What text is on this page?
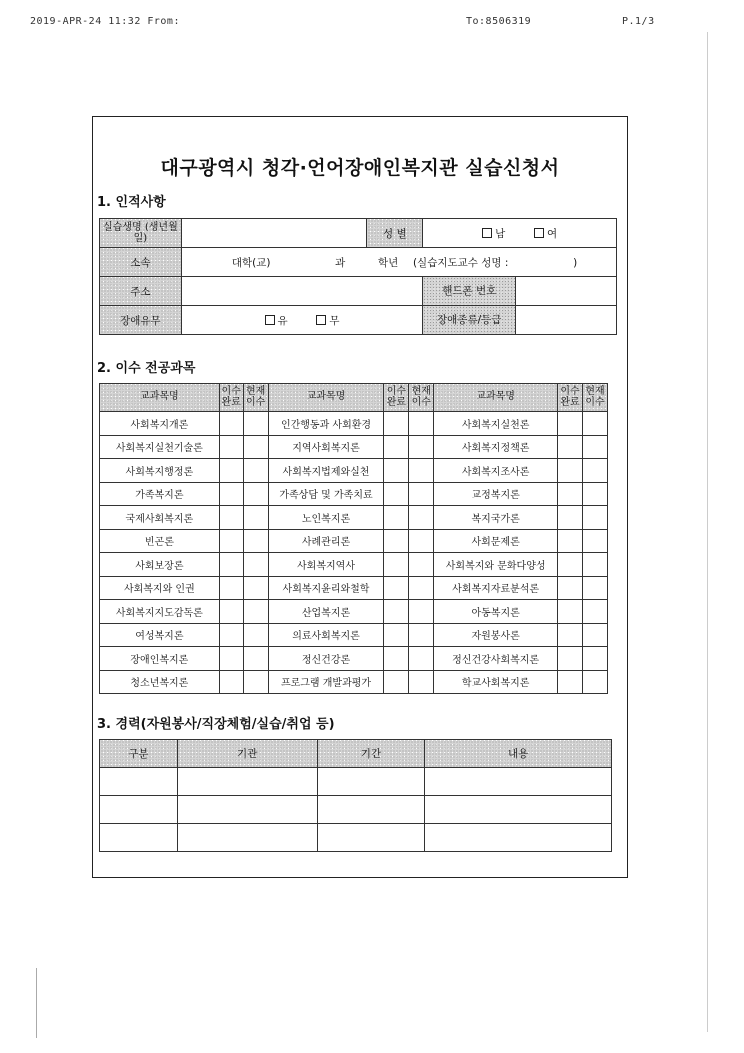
2019-APR-24 11:32 From:	To:8506319	P.1/3
대구광역시 청각·언어장애인복지관 실습신청서
1. 인적사항
실습생명 (생년월일)		성 별	남 여
소속	대학(교) 과 학년 (실습지도교수 성명 : )		
주소			핸드폰 번호
장애유무	유 무		장애종류/등급
2. 이수 전공과목
교과목명	이수 완료	현재 이수	교과목명	이수 완료	현재 이수	교과목명	이수 완료	현재 이수
사회복지개론			인간행동과 사회환경			사회복지실천론		
사회복지실천기술론			지역사회복지론			사회복지정책론		
사회복지행정론			사회복지법제와실천			사회복지조사론		
가족복지론			가족상담 및 가족치료			교정복지론		
국제사회복지론			노인복지론			복지국가론		
빈곤론			사례관리론			사회문제론		
사회보장론			사회복지역사			사회복지와 문화다양성		
사회복지와 인권			사회복지윤리와철학			사회복지자료분석론		
사회복지지도감독론			산업복지론			아동복지론		
여성복지론			의료사회복지론			자원봉사론		
장애인복지론			정신건강론			정신건강사회복지론		
청소년복지론			프로그램 개발과평가			학교사회복지론		
3. 경력(자원봉사/직장체험/실습/취업 등)
구분	기관	기간	내용
